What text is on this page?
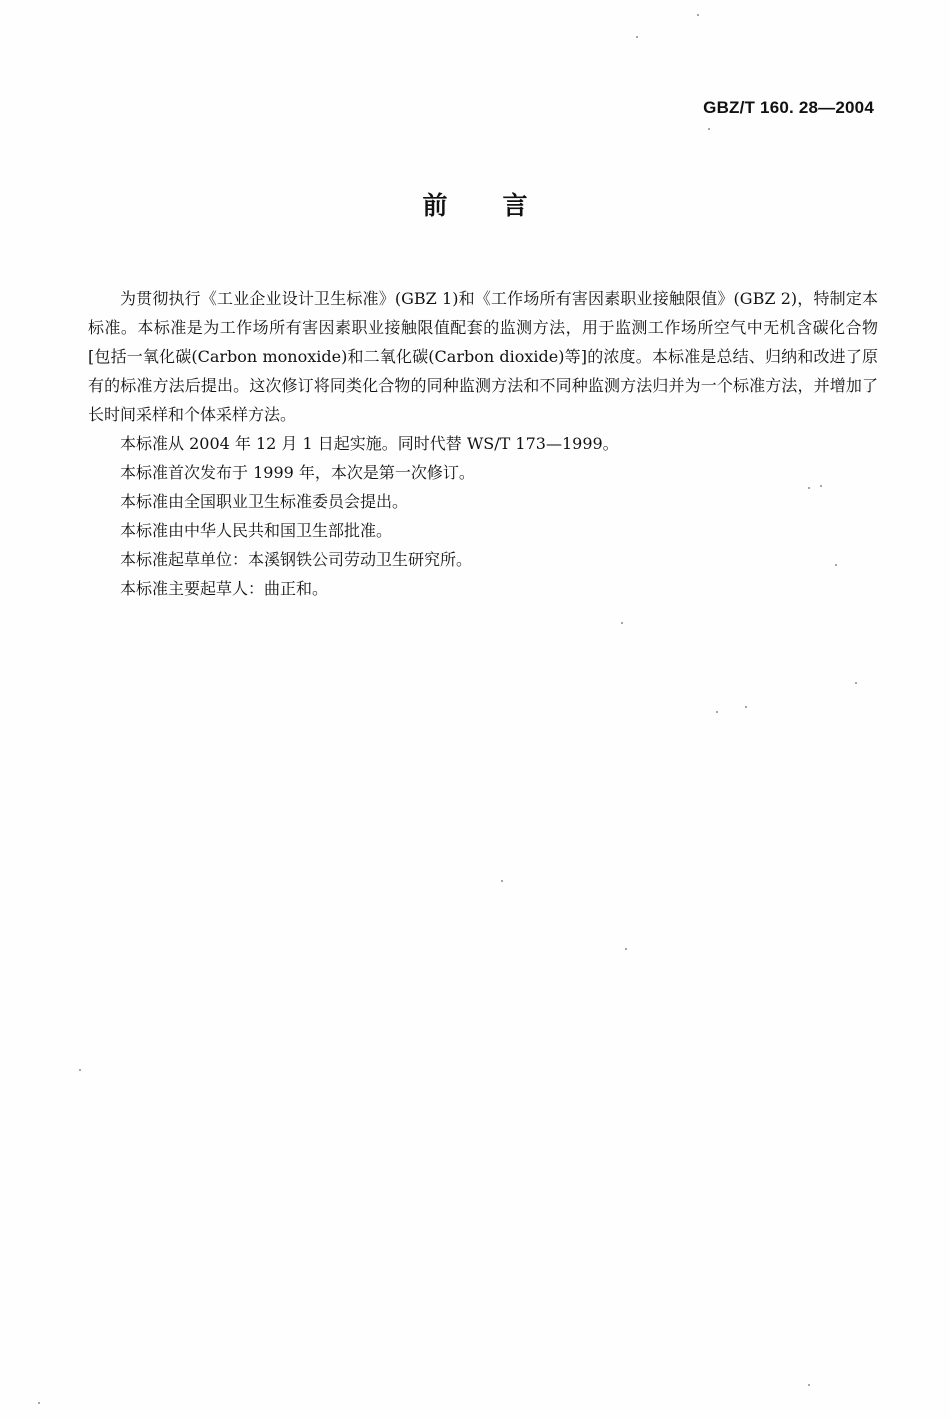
GBZ/T 160. 28—2004
前言

为贯彻执行《工业企业设计卫生标准》(GBZ 1)和《工作场所有害因素职业接触限值》(GBZ 2)，特制定本标准。本标准是为工作场所有害因素职业接触限值配套的监测方法，用于监测工作场所空气中无机含碳化合物[包括一氧化碳(Carbon monoxide)和二氧化碳(Carbon dioxide)等]的浓度。本标准是总结、归纳和改进了原有的标准方法后提出。这次修订将同类化合物的同种监测方法和不同种监测方法归并为一个标准方法，并增加了长时间采样和个体采样方法。

本标准从 2004 年 12 月 1 日起实施。同时代替 WS/T 173—1999。

本标准首次发布于 1999 年，本次是第一次修订。

本标准由全国职业卫生标准委员会提出。

本标准由中华人民共和国卫生部批准。

本标准起草单位：本溪钢铁公司劳动卫生研究所。

本标准主要起草人：曲正和。
